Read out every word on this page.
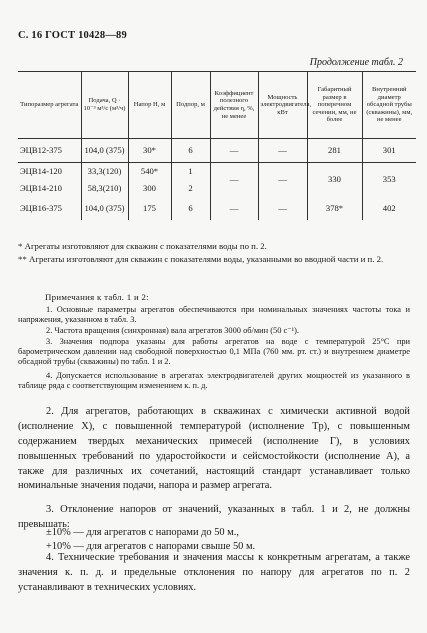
С. 16 ГОСТ 10428—89
Продолжение табл. 2
Типоразмер агрегата	Подача, Q · 10⁻³ м³/с (м³/ч)	Напор H, м	Подпор, м	Коэффициент полезного действия η, %, не менее	Мощность электродвигателя, кВт	Габаритный размер в поперечном сечении, мм, не более	Внутренний диаметр обсадной трубы (скважины), мм, не менее
ЭЦВ12-375	104,0 (375)	30*	6	—	—	281	301
ЭЦВ14-120	33,3(120)	540*	1	—	—	330	353
ЭЦВ14-210	58,3(210)	300	2				
ЭЦВ16-375	104,0 (375)	175	6	—	—	378*	402
* Агрегаты изготовляют для скважин с показателями воды по п. 2.
** Агрегаты изготовляют для скважин с показателями воды, указанными во вводной части и п. 2.
Примечания к табл. 1 и 2:
1. Основные параметры агрегатов обеспечиваются при номинальных значениях частоты тока и напряжения, указанном в табл. 3.
2. Частота вращения (синхронная) вала агрегатов 3000 об/мин (50 с⁻¹).
3. Значения подпора указаны для работы агрегатов на воде с температурой 25°С при барометрическом давлении над свободной поверхностью 0,1 МПа (760 мм. рт. ст.) и внутреннем диаметре обсадной трубы (скважины) по табл. 1 и 2.
4. Допускается использование в агрегатах электродвигателей других мощностей из указанного в таблице ряда с соответствующим изменением к. п. д.
2. Для агрегатов, работающих в скважинах с химически активной водой (исполнение X), с повышенной температурой (исполнение Tр), с повышенным содержанием твердых механических примесей (исполнение Г), в условиях повышенных требований по ударостойкости и сейсмостойкости (исполнение А), а также для различных их сочетаний, настоящий стандарт устанавливает только номинальные значения подачи, напора и размер агрегата.
3. Отклонение напоров от значений, указанных в табл. 1 и 2, не должны превышать:
±10% — для агрегатов с напорами до 50 м.,
+10% — для агрегатов с напорами свыше 50 м.
4. Технические требования и значения массы к конкретным агрегатам, а также значения к. п. д. и предельные отклонения по напору для агрегатов по п. 2 устанавливают в технических условиях.
